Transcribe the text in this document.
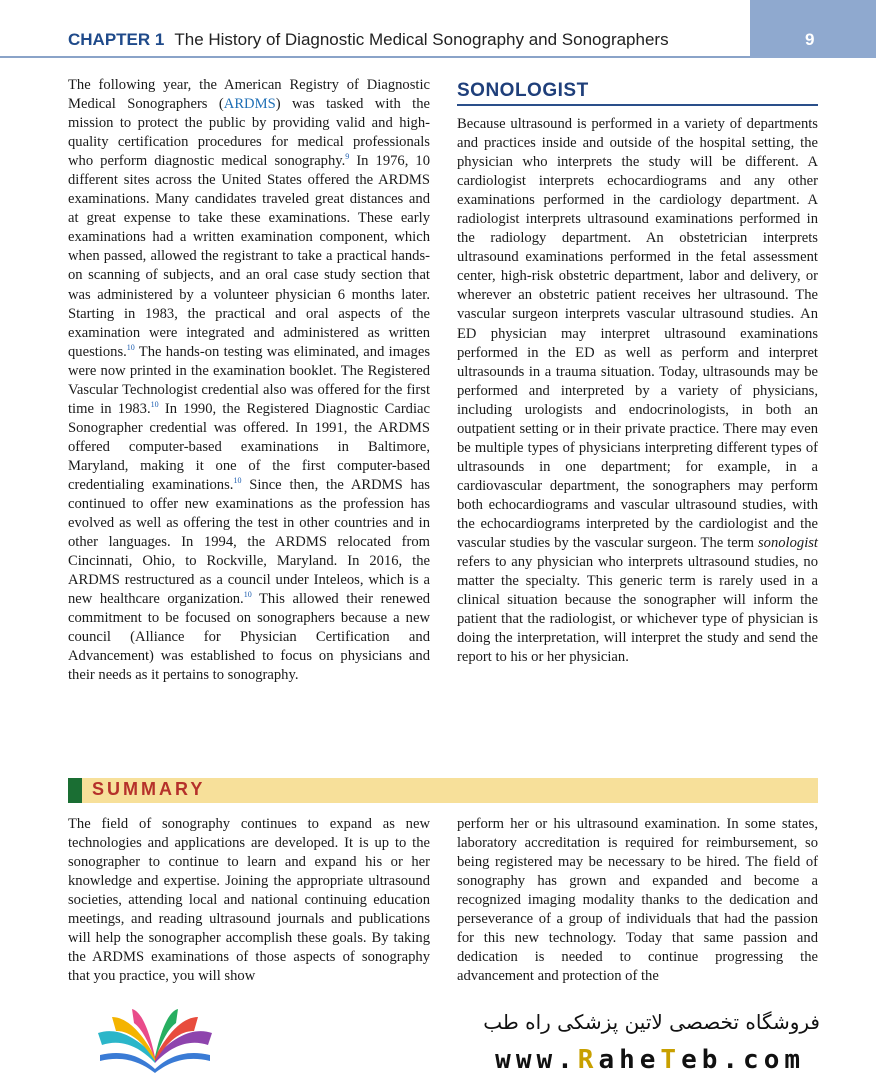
CHAPTER 1 The History of Diagnostic Medical Sonography and Sonographers	9

The following year, the American Registry of Diagnostic Medical Sonographers (ARDMS) was tasked with the mission to protect the public by providing valid and high-quality certification procedures for medical professionals who perform diagnostic medical sonography.$^9$ In 1976, 10 different sites across the United States offered the ARDMS examinations. Many candidates traveled great distances and at great expense to take these examinations. These early examinations had a written examination component, which when passed, allowed the registrant to take a practical hands-on scanning of subjects, and an oral case study section that was administered by a volunteer physician 6 months later. Starting in 1983, the practical and oral aspects of the examination were integrated and administered as written questions.$^{10}$ The hands-on testing was eliminated, and images were now printed in the examination booklet. The Registered Vascular Technologist credential also was offered for the first time in 1983.10 In 1990, the Registered Diagnostic Cardiac Sonographer credential was offered. In 1991, the ARDMS offered computer-based examinations in Baltimore, Maryland, making it one of the first computer-based credentialing examinations.$^{10}$ Since then, the ARDMS has continued to offer new examinations as the profession has evolved as well as offering the test in other countries and in other languages. In 1994, the ARDMS relocated from Cincinnati, Ohio, to Rockville, Maryland. In 2016, the ARDMS restructured as a council under Inteleos, which is a new healthcare organization.$^{10}$ This allowed their renewed commitment to be focused on sonographers because a new council (Alliance for Physician Certification and Advancement) was established to focus on physicians and their needs as it pertains to sonography.

SONOLOGIST

Because ultrasound is performed in a variety of departments and practices inside and outside of the hospital setting, the physician who interprets the study will be different. A cardiologist interprets echocardiograms and any other examinations performed in the cardiology department. A radiologist interprets ultrasound examinations performed in the radiology department. An obstetrician interprets ultrasound examinations performed in the fetal assessment center, high-risk obstetric department, labor and delivery, or wherever an obstetric patient receives her ultrasound. The vascular surgeon interprets vascular ultrasound studies. An ED physician may interpret ultrasound examinations performed in the ED as well as perform and interpret ultrasounds in a trauma situation. Today, ultrasounds may be performed and interpreted by a variety of physicians, including urologists and endocrinologists, in both an outpatient setting or in their private practice. There may even be multiple types of physicians interpreting different types of ultrasounds in one department; for example, in a cardiovascular department, the sonographers may perform both echocardiograms and vascular ultrasound studies, with the echocardiograms interpreted by the cardiologist and the vascular studies by the vascular surgeon. The term sonologist refers to any physician who interprets ultrasound studies, no matter the specialty. This generic term is rarely used in a clinical situation because the sonographer will inform the patient that the radiologist, or whichever type of physician is doing the interpretation, will interpret the study and send the report to his or her physician.

SUMMARY

The field of sonography continues to expand as new technologies and applications are developed. It is up to the sonographer to continue to learn and expand his or her knowledge and expertise. Joining the appropriate ultrasound societies, attending local and national continuing education meetings, and reading ultrasound journals and publications will help the sonographer accomplish these goals. By taking the ARDMS examinations of those aspects of sonography that you practice, you will show

perform her or his ultrasound examination. In some states, laboratory accreditation is required for reimbursement, so being registered may be necessary to be hired. The field of sonography has grown and expanded and become a recognized imaging modality thanks to the dedication and perseverance of a group of individuals that had the passion for this new technology. Today that same passion and dedication is needed to continue progressing the advancement and protection of the

فروشگاه تخصصی لاتین پزشکی راه طب
www.RaheTeb.com
